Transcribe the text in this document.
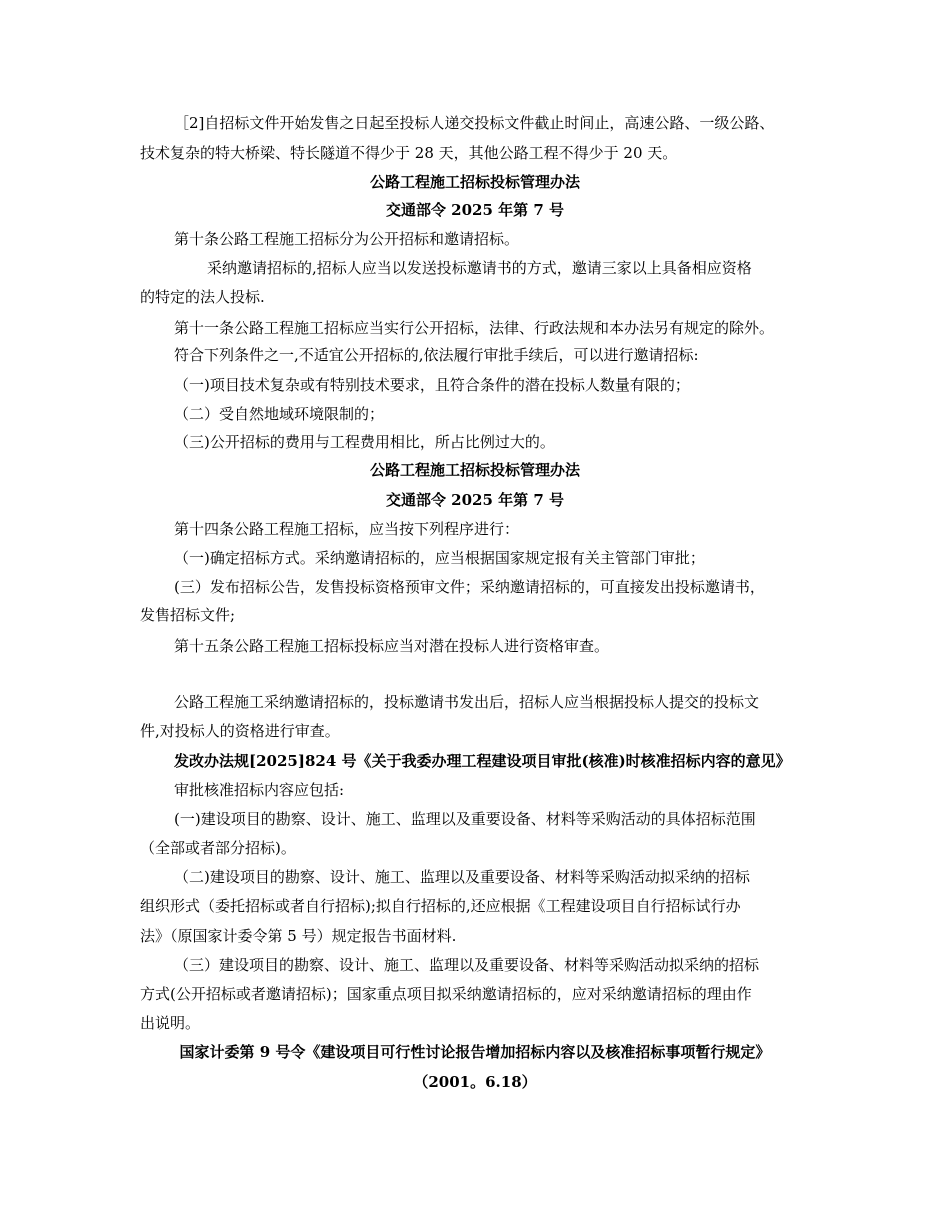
［2]自招标文件开始发售之日起至投标人递交投标文件截止时间止，高速公路、一级公路、
技术复杂的特大桥梁、特长隧道不得少于 28 天，其他公路工程不得少于 20 天。
公路工程施工招标投标管理办法
交通部令 2025 年第 7 号
第十条公路工程施工招标分为公开招标和邀请招标。
采纳邀请招标的,招标人应当以发送投标邀请书的方式，邀请三家以上具备相应资格
的特定的法人投标.
第十一条公路工程施工招标应当实行公开招标，法律、行政法规和本办法另有规定的除外。
符合下列条件之一,不适宜公开招标的,依法履行审批手续后，可以进行邀请招标:
（一)项目技术复杂或有特别技术要求，且符合条件的潜在投标人数量有限的；
（二）受自然地域环境限制的；
（三)公开招标的费用与工程费用相比，所占比例过大的。
公路工程施工招标投标管理办法
交通部令 2025 年第 7 号
第十四条公路工程施工招标，应当按下列程序进行：
（一)确定招标方式。采纳邀请招标的，应当根据国家规定报有关主管部门审批；
(三）发布招标公告，发售投标资格预审文件；采纳邀请招标的，可直接发出投标邀请书，
发售招标文件;
第十五条公路工程施工招标投标应当对潜在投标人进行资格审查。
公路工程施工采纳邀请招标的，投标邀请书发出后，招标人应当根据投标人提交的投标文
件,对投标人的资格进行审查。
发改办法规[2025]824 号《关于我委办理工程建设项目审批(核准)时核准招标内容的意见》
审批核准招标内容应包括:
(一)建设项目的勘察、设计、施工、监理以及重要设备、材料等采购活动的具体招标范围
（全部或者部分招标)。
（二)建设项目的勘察、设计、施工、监理以及重要设备、材料等采购活动拟采纳的招标
组织形式（委托招标或者自行招标);拟自行招标的,还应根据《工程建设项目自行招标试行办
法》（原国家计委令第 5 号）规定报告书面材料.
（三）建设项目的勘察、设计、施工、监理以及重要设备、材料等采购活动拟采纳的招标
方式(公开招标或者邀请招标)；国家重点项目拟采纳邀请招标的，应对采纳邀请招标的理由作
出说明。
国家计委第 9 号令《建设项目可行性讨论报告增加招标内容以及核准招标事项暂行规定》
（2001。6.18）
